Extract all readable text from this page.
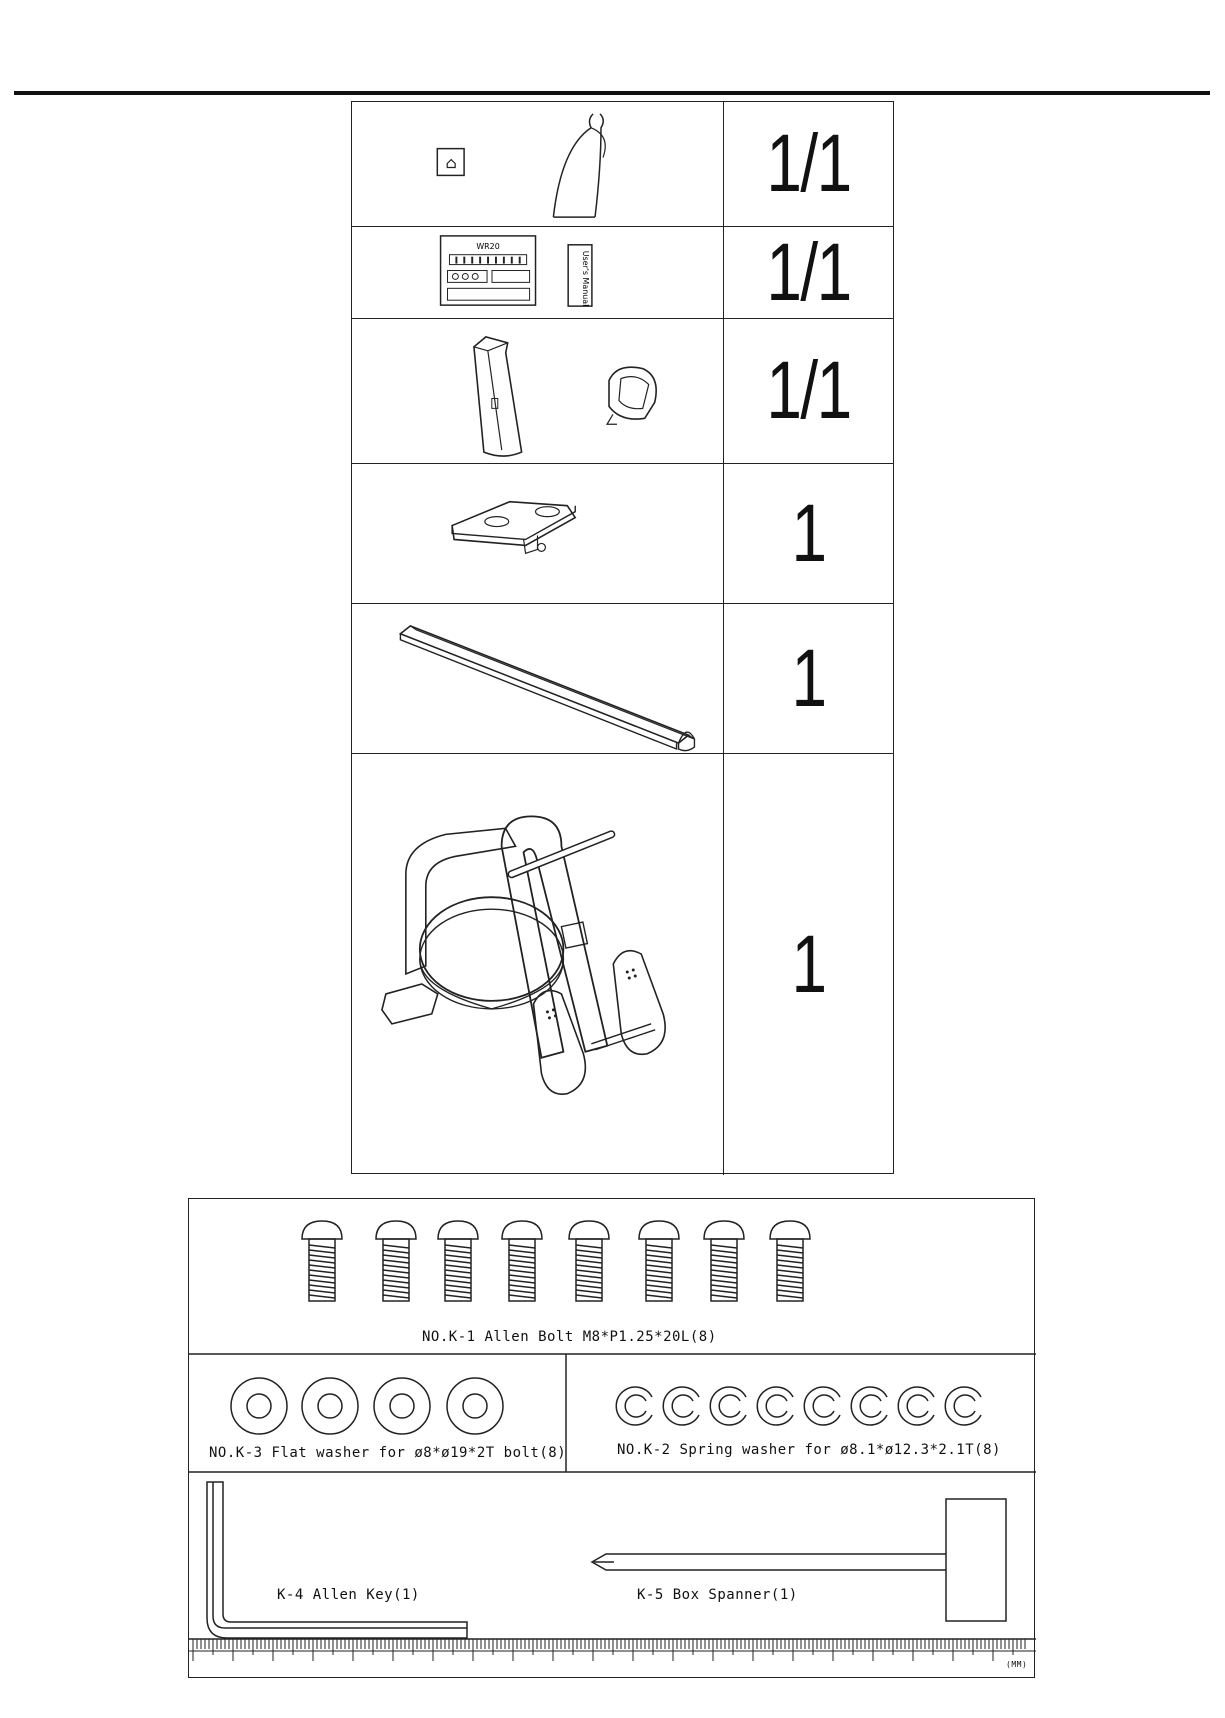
1/1
WR20
User's Manual 1/1
1/1
1
1
1
NO.K-1 Allen Bolt M8*P1.25*20L(8)
NO.K-3 Flat washer for ø8*ø19*2T bolt(8)	NO.K-2 Spring washer for ø8.1*ø12.3*2.1T(8)
K-4 Allen Key(1)	K-5 Box Spanner(1)
(MM)
